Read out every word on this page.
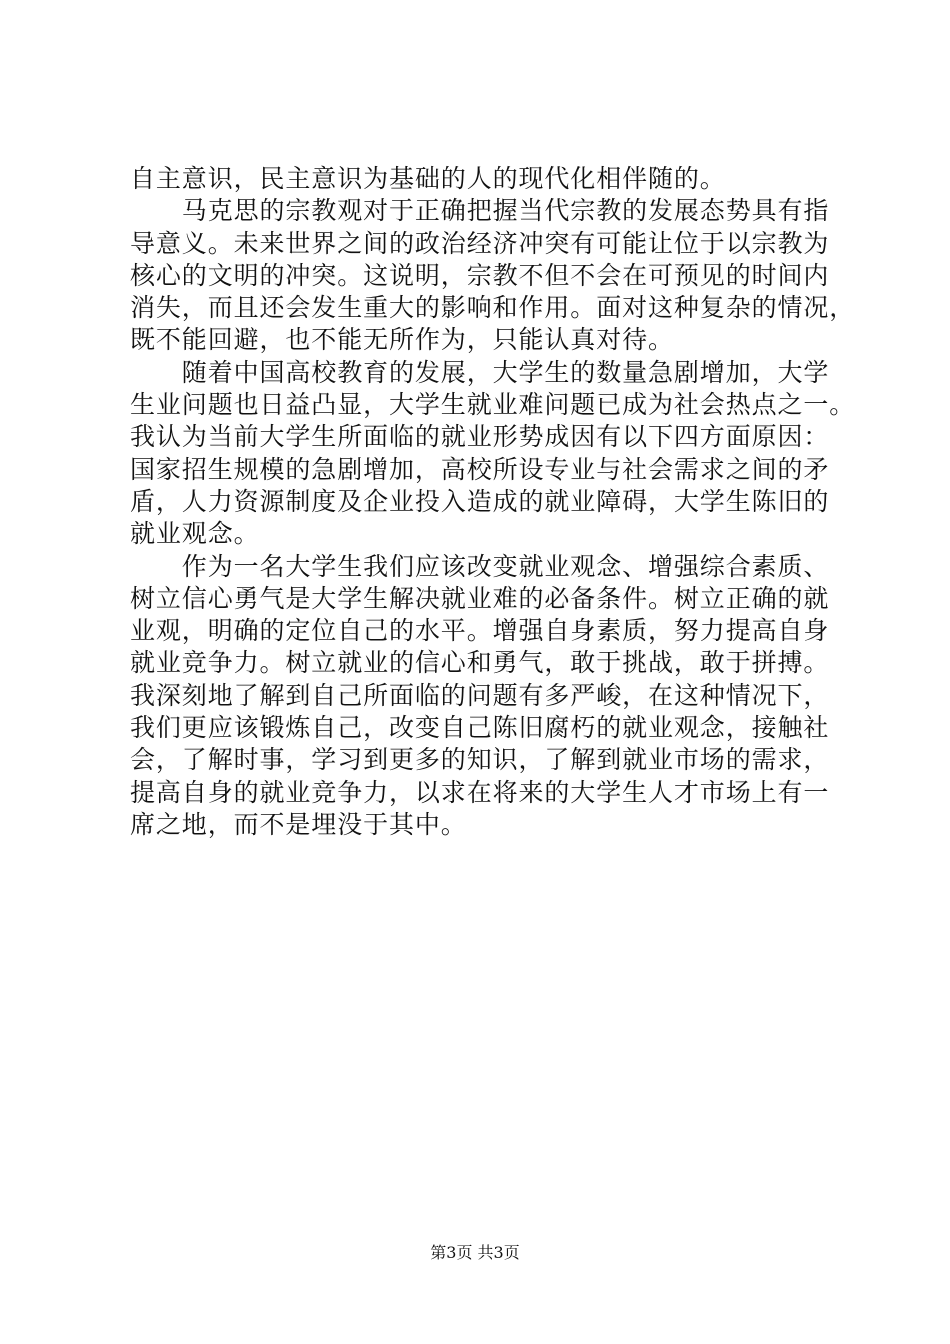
自主意识，民主意识为基础的人的现代化相伴随的。
　　马克思的宗教观对于正确把握当代宗教的发展态势具有指
导意义。未来世界之间的政治经济冲突有可能让位于以宗教为
核心的文明的冲突。这说明，宗教不但不会在可预见的时间内
消失，而且还会发生重大的影响和作用。面对这种复杂的情况，
既不能回避，也不能无所作为，只能认真对待。
　　随着中国高校教育的发展，大学生的数量急剧增加，大学
生业问题也日益凸显，大学生就业难问题已成为社会热点之一。
我认为当前大学生所面临的就业形势成因有以下四方面原因：
国家招生规模的急剧增加，高校所设专业与社会需求之间的矛
盾，人力资源制度及企业投入造成的就业障碍，大学生陈旧的
就业观念。
　　作为一名大学生我们应该改变就业观念、增强综合素质、
树立信心勇气是大学生解决就业难的必备条件。树立正确的就
业观，明确的定位自己的水平。增强自身素质，努力提高自身
就业竞争力。树立就业的信心和勇气，敢于挑战，敢于拼搏。
我深刻地了解到自己所面临的问题有多严峻，在这种情况下，
我们更应该锻炼自己，改变自己陈旧腐朽的就业观念，接触社
会，了解时事，学习到更多的知识，了解到就业市场的需求，
提高自身的就业竞争力，以求在将来的大学生人才市场上有一
席之地，而不是埋没于其中。
第3页 共3页
